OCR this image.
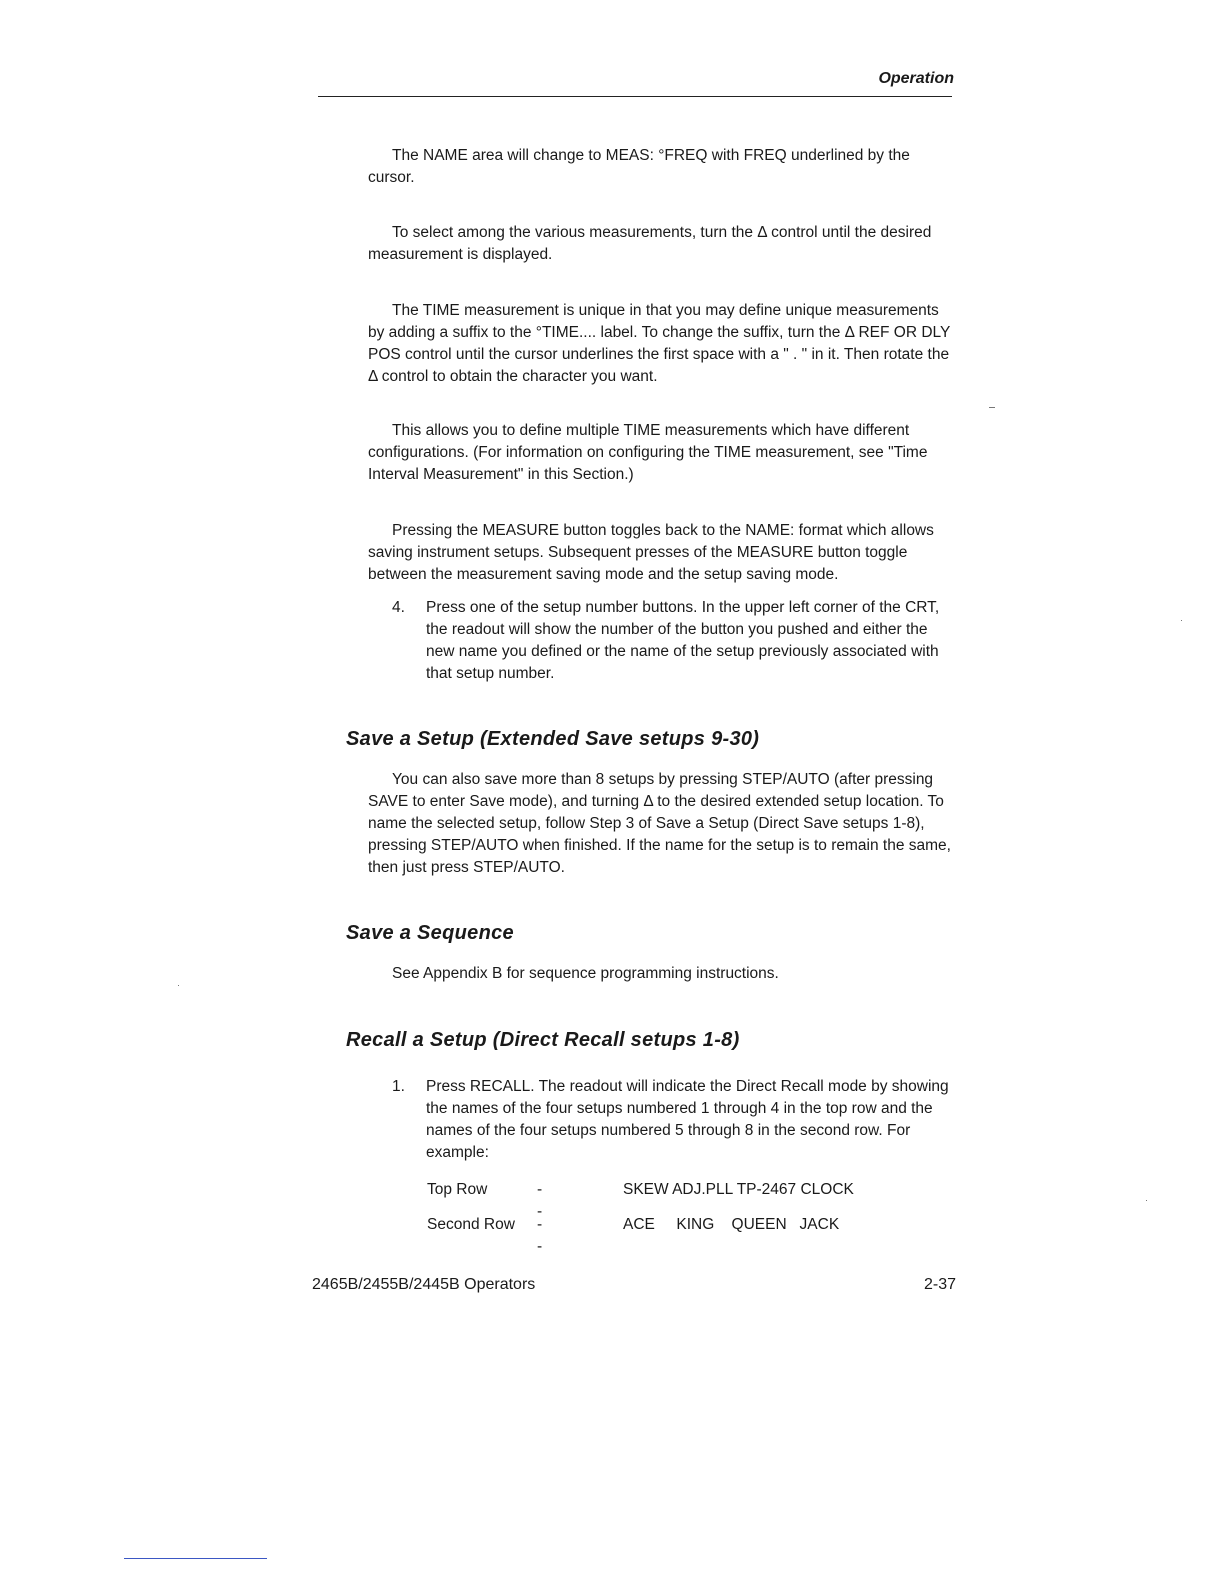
Operation

The NAME area will change to MEAS: °FREQ with FREQ underlined by the cursor.

To select among the various measurements, turn the Δ control until the desired measurement is displayed.

The TIME measurement is unique in that you may define unique measurements by adding a suffix to the °TIME.... label. To change the suffix, turn the Δ REF OR DLY POS control until the cursor underlines the first space with a " . " in it. Then rotate the Δ control to obtain the character you want.

This allows you to define multiple TIME measurements which have different configurations. (For information on configuring the TIME measurement, see "Time Interval Measurement" in this Section.)

Pressing the MEASURE button toggles back to the NAME: format which allows saving instrument setups. Subsequent presses of the MEASURE button toggle between the measurement saving mode and the setup saving mode.

4. Press one of the setup number buttons. In the upper left corner of the CRT, the readout will show the number of the button you pushed and either the new name you defined or the name of the setup previously associated with that setup number.
Save a Setup (Extended Save setups 9-30)

You can also save more than 8 setups by pressing STEP/AUTO (after pressing SAVE to enter Save mode), and turning Δ to the desired extended setup location. To name the selected setup, follow Step 3 of Save a Setup (Direct Save setups 1-8), pressing STEP/AUTO when finished. If the name for the setup is to remain the same, then just press STEP/AUTO.

Save a Sequence

See Appendix B for sequence programming instructions.

Recall a Setup (Direct Recall setups 1-8)
1. Press RECALL. The readout will indicate the Direct Recall mode by showing the names of the four setups numbered 1 through 4 in the top row and the names of the four setups numbered 5 through 8 in the second row. For example:
Top Row	--
SKEW ADJ.PLL TP-2467 CLOCK
Second Row --
ACE     KING    QUEEN   JACK
2465B/2455B/2445B Operators	2-37
